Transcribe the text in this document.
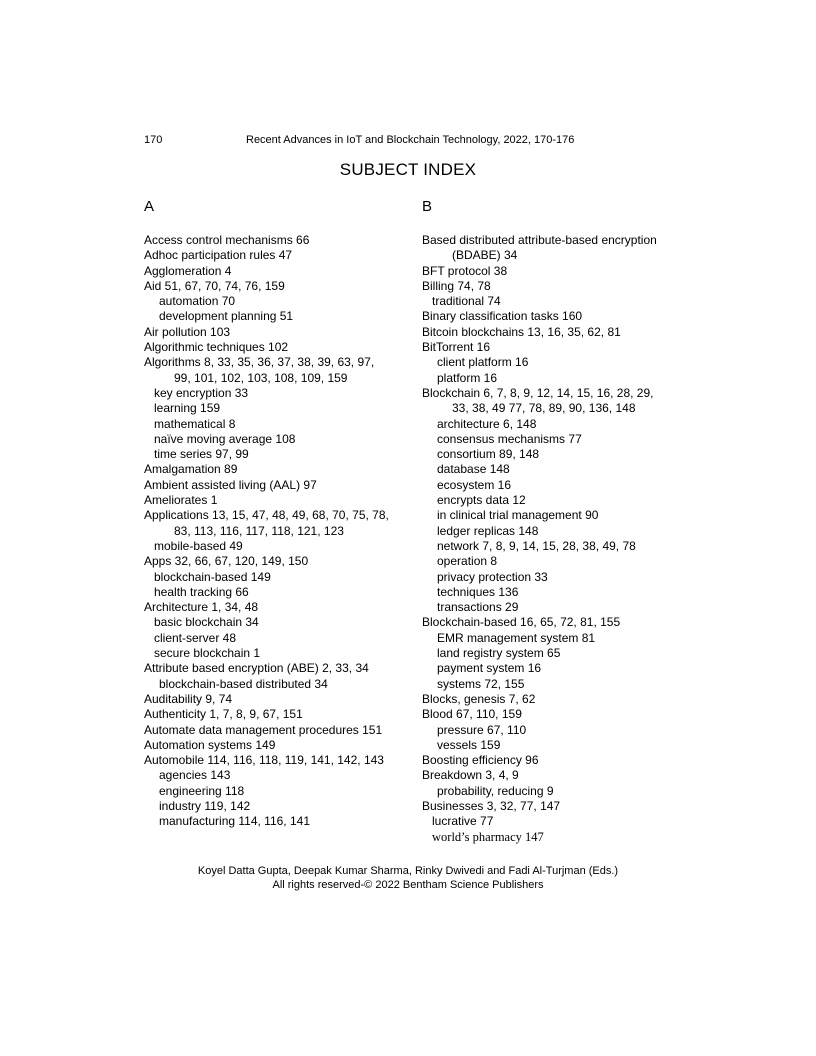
170	Recent Advances in IoT and Blockchain Technology, 2022, 170-176
SUBJECT INDEX
A
Access control mechanisms 66
Adhoc participation rules 47
Agglomeration 4
Aid 51, 67, 70, 74, 76, 159
automation 70
development planning 51
Air pollution 103
Algorithmic techniques 102
Algorithms 8, 33, 35, 36, 37, 38, 39, 63, 97,
99, 101, 102, 103, 108, 109, 159
key encryption 33
learning 159
mathematical 8
naïve moving average 108
time series 97, 99
Amalgamation 89
Ambient assisted living (AAL) 97
Ameliorates 1
Applications 13, 15, 47, 48, 49, 68, 70, 75, 78,
83, 113, 116, 117, 118, 121, 123
mobile-based 49
Apps 32, 66, 67, 120, 149, 150
blockchain-based 149
health tracking 66
Architecture 1, 34, 48
basic blockchain 34
client-server 48
secure blockchain 1
Attribute based encryption (ABE) 2, 33, 34
blockchain-based distributed 34
Auditability 9, 74
Authenticity 1, 7, 8, 9, 67, 151
Automate data management procedures 151
Automation systems 149
Automobile 114, 116, 118, 119, 141, 142, 143
agencies 143
engineering 118
industry 119, 142
manufacturing 114, 116, 141
B
Based distributed attribute-based encryption
(BDABE) 34
BFT protocol 38
Billing 74, 78
traditional 74
Binary classification tasks 160
Bitcoin blockchains 13, 16, 35, 62, 81
BitTorrent 16
client platform 16
platform 16
Blockchain 6, 7, 8, 9, 12, 14, 15, 16, 28, 29,
33, 38, 49 77, 78, 89, 90, 136, 148
architecture 6, 148
consensus mechanisms 77
consortium 89, 148
database 148
ecosystem 16
encrypts data 12
in clinical trial management 90
ledger replicas 148
network 7, 8, 9, 14, 15, 28, 38, 49, 78
operation 8
privacy protection 33
techniques 136
transactions 29
Blockchain-based 16, 65, 72, 81, 155
EMR management system 81
land registry system 65
payment system 16
systems 72, 155
Blocks, genesis 7, 62
Blood 67, 110, 159
pressure 67, 110
vessels 159
Boosting efficiency 96
Breakdown 3, 4, 9
probability, reducing 9
Businesses 3, 32, 77, 147
lucrative 77
world’s pharmacy 147
Koyel Datta Gupta, Deepak Kumar Sharma, Rinky Dwivedi and Fadi Al-Turjman (Eds.)
All rights reserved-© 2022 Bentham Science Publishers
